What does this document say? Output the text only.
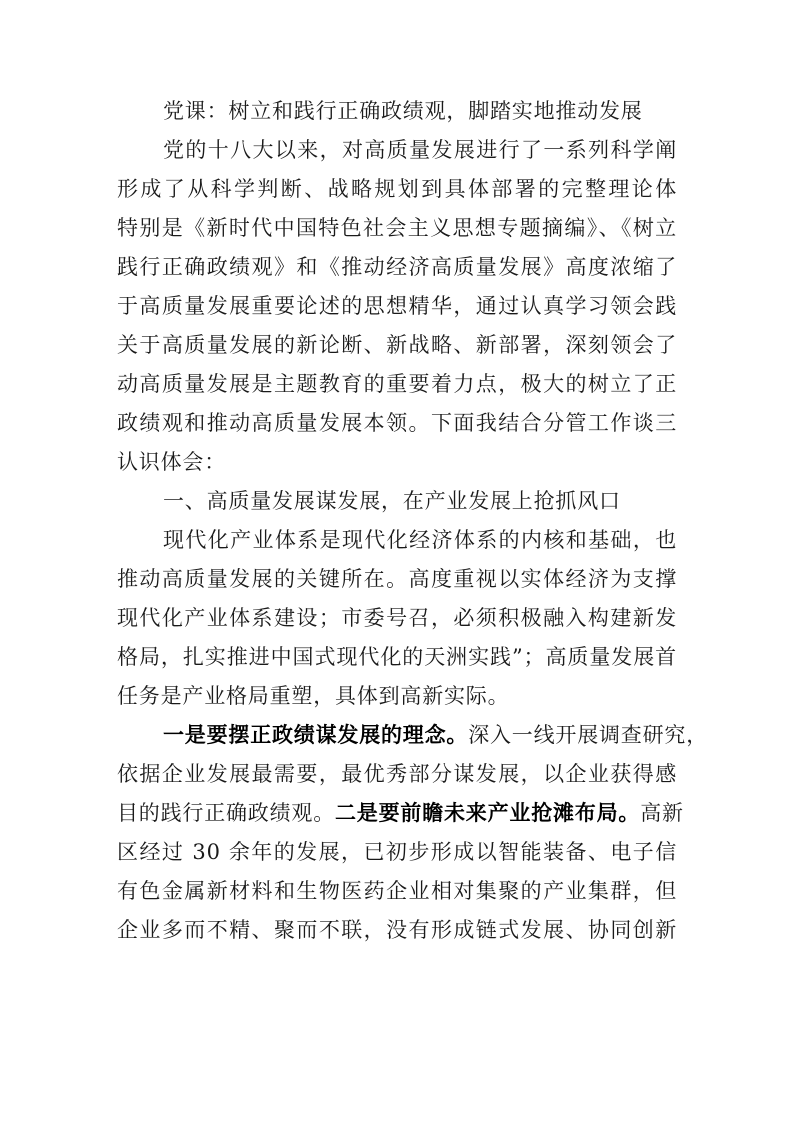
党课：树立和践行正确政绩观，脚踏实地推动发展
党的十八大以来，对高质量发展进行了一系列科学阐
形成了从科学判断、战略规划到具体部署的完整理论体
特别是《新时代中国特色社会主义思想专题摘编》、《树立
践行正确政绩观》和《推动经济高质量发展》高度浓缩了
于高质量发展重要论述的思想精华，通过认真学习领会践
关于高质量发展的新论断、新战略、新部署，深刻领会了
动高质量发展是主题教育的重要着力点，极大的树立了正
政绩观和推动高质量发展本领。下面我结合分管工作谈三
认识体会：
一、高质量发展谋发展，在产业发展上抢抓风口
现代化产业体系是现代化经济体系的内核和基础，也
推动高质量发展的关键所在。高度重视以实体经济为支撑
现代化产业体系建设；市委号召，必须积极融入构建新发
格局，扎实推进中国式现代化的天洲实践”；高质量发展首
任务是产业格局重塑，具体到高新实际。
一是要摆正政绩谋发展的理念。深入一线开展调查研究，
依据企业发展最需要，最优秀部分谋发展，以企业获得感
目的践行正确政绩观。二是要前瞻未来产业抢滩布局。高新
区经过 30 余年的发展，已初步形成以智能装备、电子信
有色金属新材料和生物医药企业相对集聚的产业集群，但
企业多而不精、聚而不联，没有形成链式发展、协同创新
